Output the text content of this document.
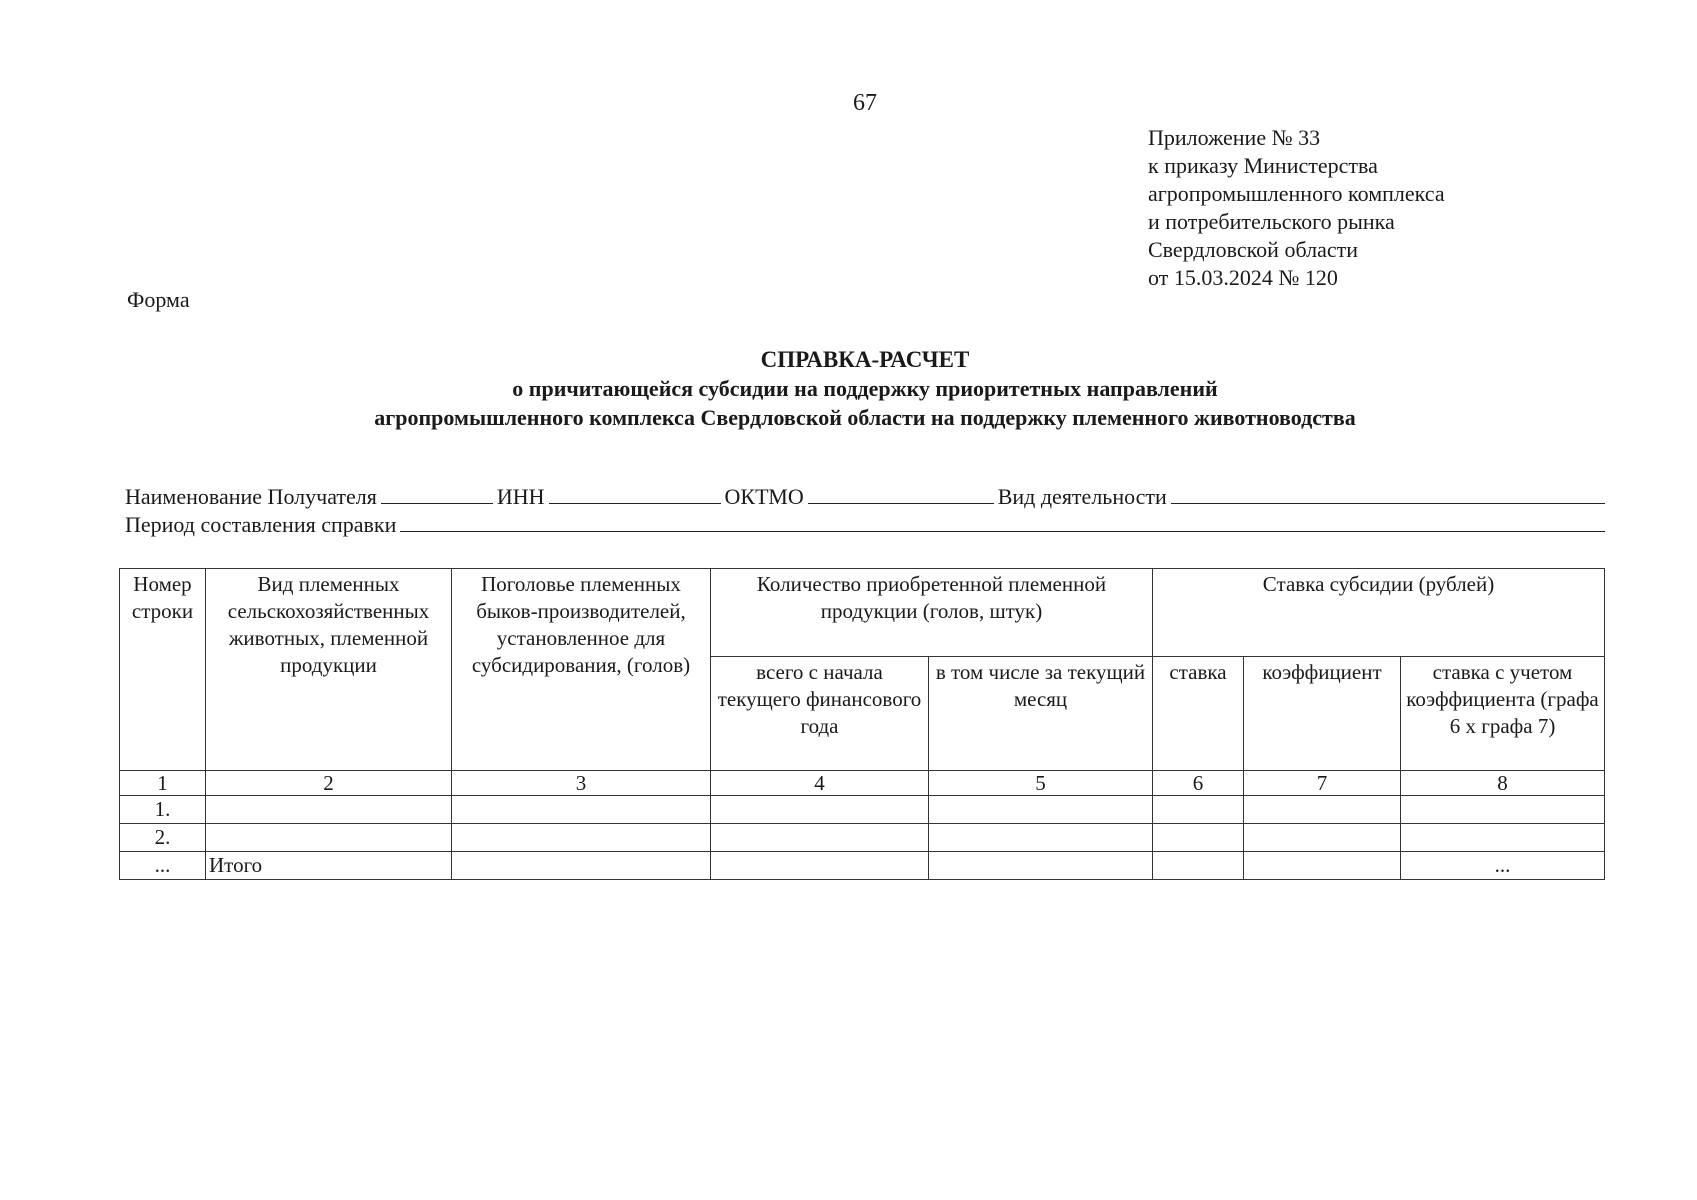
67
Приложение № 33
к приказу Министерства
агропромышленного комплекса
и потребительского рынка
Свердловской области
от 15.03.2024 № 120
Форма
СПРАВКА-РАСЧЕТ
о причитающейся субсидии на поддержку приоритетных направлений
агропромышленного комплекса Свердловской области на поддержку племенного животноводства
Наименование Получателя	ИНН	ОКТМО	Вид деятельности
Период составления справки
Номер строки	Вид племенных сельскохозяйственных животных, племенной продукции	Поголовье племенных быков-производителей, установленное для субсидирования, (голов)	Количество приобретенной племенной продукции (голов, штук)		Ставка субсидии (рублей)		
			всего с начала текущего финансового года	в том числе за текущий месяц	ставка	коэффициент	ставка с учетом коэффициента (графа 6 х графа 7)
1	2	3	4	5	6	7	8
1.							
2.							
...	Итого						...
